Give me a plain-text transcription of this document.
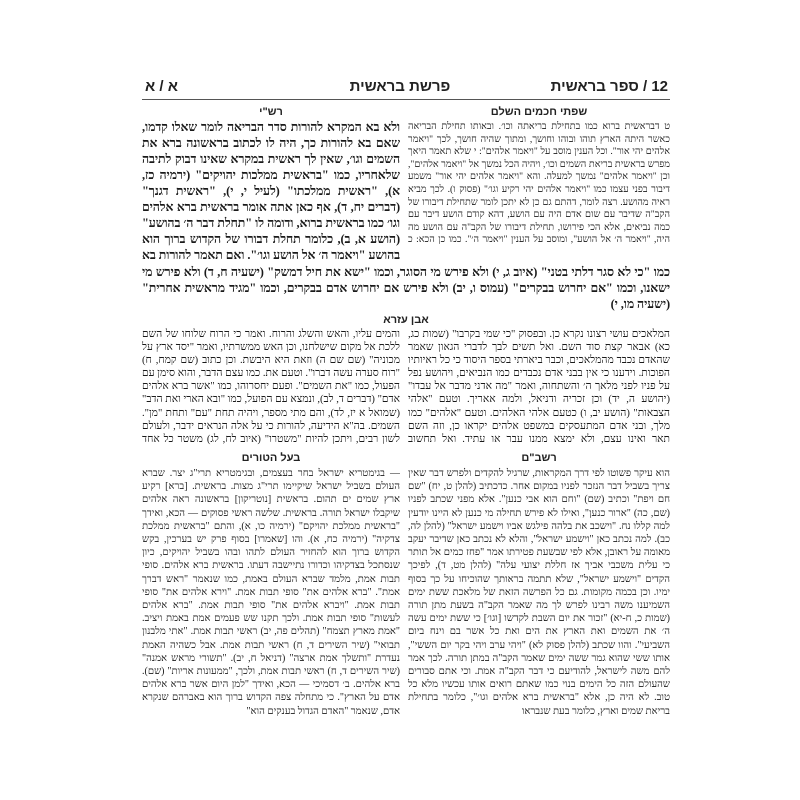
12 / ספר בראשית
פרשת בראשית
א / א
שפתי חכמים השלם
ט דבראשית ברוא כמו בתחילת בריאתה וכו׳. ובאותו תחילת הבריאה כאשר היתה הארץ תוהו ובוהו וחושך, ומתוך שהיה חושך, לכך "ויאמר אלהים יהי אור". וכל הענין מוסב על "ויאמר אלהים": י שלא תאמר היאך מפרש בראשית בריאת השמים וכו׳, ויהיה הכל נמשך אל "ויאמר אלהים", וכן "ויאמר אלהים" נמשך למעלה. והא "ויאמר אלהים יהי אור" משמע דיבור בפני עצמו כמו "ויאמר אלהים יהי רקיע וגו׳" (פסוק ו). לכך מביא ראיה מהושע. רצה לומר, דהתם גם כן לא יתכן לומר שתחילת דיבורו של הקב"ה שדיבר עם שום אדם היה עם הושע, דהא קודם הושע דיבר עם כמה נביאים, אלא הכי פירושו, תחילת דיבורו של הקב"ה עם הושע מה היה, "ויאמר ה׳ אל הושע", ומוסב על הענין "ויאמר ה׳". כמו כן הכא: כ
רש"י
ולא בא המקרא להורות סדר הבריאה לומר שאלו קדמו, שאם בא להורות כך, היה לו לכתוב בראשונה ברא את השמים וגו׳, שאין לך ראשית במקרא שאינו דבוק לתיבה שלאחריו, כמו "בראשית ממלכות יהויקים" (ירמיה כז, א), "ראשית ממלכתו" (לעיל י, י), "ראשית דגנך" (דברים יח, ד), אף כאן אתה אומר בראשית ברא אלהים וגו׳ כמו בראשית ברוא, ודומה לו "תחלת דבר ה׳ בהושע" (הושע א, ב), כלומר תחלת דבורו של הקדוש ברוך הוא בהושע "ויאמר ה׳ אל הושע וגו׳". ואם תאמר להורות בא
כמו "כי לא סגר דלתי בטני" (איוב ג, י) ולא פירש מי הסוגר, וכמו "ישא את חיל דמשק" (ישעיה ח, ד) ולא פירש מי ישאנו, וכמו "אם יחרוש בבקרים" (עמוס ו, יב) ולא פירש אם יחרוש אדם בבקרים, וכמו "מגיד מראשית אחרית" (ישעיה מו, י)
אבן עזרא
המלאכים עושי רצונו נקרא כן. ובפסוק "כי שמי בקרבו" (שמות כג, כא) אבאר קצת סוד השם. ואל תשים לבך לדברי הגאון שאמר שהאדם נכבד מהמלאכים, וכבר ביארתי בספר היסוד כי כל ראיותיו הפוכות. וידענו כי אין בבני אדם נכבדים כמו הנביאים, ויהושע נפל על פניו לפני מלאך ה׳ והשתחוה, ואמר "מה אדני מדבר אל עבדו" (יהושע ה, יד) וכן זכריה ודניאל, ולמה אאריך. וטעם "אלהי הצבאות" (הושע יב, ו) כטעם אלהי האלהים. וטעם "אלהים" כמו מלך, ובני אדם המתעסקים במשפט אלהים יקראו כן, וזה השם תאר ואינו עצם, ולא ימצא ממנו עבר או עתיד. ואל תחשוב
והמים עליו, והאש והשלג והרוח. ואמר כי הרוח שלוחו של השם ללכת אל מקום שישלחנו, וכן האש ממשרתיו, ואמר "יסד ארץ על מכוניה" (שם שם ה) וזאת היא היבשת. וכן כתוב (שם קמח, ח) "רוח סערה עשה דברו". וטעם את. כמו עצם הדבר, והוא סימן עם הפעול, כמו "את השמים". ופעם יחסרוהו, כמו "אשר ברא אלהים אדם" (דברים ד, לב), ונמצא עם הפועל, כמו "ובא הארי ואת הדב" (שמואל א יז, לד), והם מתי מספר, ויהיה תחת "עם" ותחת "מן". השמים. בה"א הידיעה, להורות כי על אלה הנראים ידבר, ולעולם לשון רבים, ויתכן להיות "משטרו" (איוב לח, לג) משטר כל אחד
רשב"ם
הוא עיקר פשוטו לפי דרך המקראות, שרגיל להקדים ולפרש דבר שאין צריך בשביל דבר הנזכר לפניו במקום אחר. כדכתיב (להלן ט, יח) "שם חם ויפת" וכתיב (שם) "וחם הוא אבי כנען". אלא מפני שכתב לפניו (שם, כה) "ארור כנען", ואילו לא פירש תחילה מי כנען לא היינו יודעין למה קללו נח. "וישכב את בלהה פילגש אביו וישמע ישראל" (להלן לה, כב). למה נכתב כאן "וישמע ישראל", והלא לא נכתב כאן שדיבר יעקב מאומה על ראובן, אלא לפי שבשעת פטירתו אמר "פחז כמים אל תותר כי עלית משכבי אביך אז חללת יצועי עלה" (להלן מט, ד), לפיכך הקדים "וישמע ישראל", שלא תתמה בראותך שהוכיחו על כך בסוף ימיו. וכן בכמה מקומות. גם כל הפרשה הזאת של מלאכת ששת ימים השמיענו משה רבינו לפרש לך מה שאמר הקב"ה בשעת מתן תורה (שמות כ, ח-יא) "זכור את יום השבת לקדשו [וגו׳] כי ששת ימים עשה ה׳ את השמים ואת הארץ את הים ואת כל אשר בם וינח ביום השביעי". והוו שכתב (להלן פסוק לא) "ויהי ערב ויהי בקר יום הששי", אותו ששי שהוא גמר ששה ימים שאמר הקב"ה במתן תורה. לכך אמר להם משה לישראל, להודיעם כי דבר הקב"ה אמת. וכי אתם סבורים שהעולם הזה כל הימים בנוי כמו שאתם רואים אותו עכשיו מלא כל טוב. לא היה כן, אלא "בראשית ברא אלהים וגו׳", כלומר בתחילת בריאת שמים וארץ, כלומר בעת שנבראו
בעל הטורים
— בגימטריא ישראל בחר בעצמים, ובגימטריא תרי"ג יצר. שברא העולם בשביל ישראל שיקיימו תרי"ג מצות. בראשית. [ברא] רקיע ארץ שמים ים תהום. בראשית [נוטריקון] בראשונה ראה אלהים שיקבלו ישראל תורה. בראשית. שלשה ראשי פסוקים — הכא, ואידך "בראשית ממלכת יהויקם" (ירמיה כו, א), והתם "בראשית ממלכת צדקיה" (ירמיה כח, א). והו [שאמרו] בסוף פרק יש בערכין, בקש הקדוש ברוך הוא להחזיר העולם לתהו ובהו בשביל יהויקים, כיון שנסתכל בצדקיהו וכדורו נתיישבה דעתו. בראשית ברא אלהים. סופי תבות אמת, מלמד שברא העולם באמת, כמו שנאמר "ראש דברך אמת". "ברא אלהים את" סופי תבות אמת. "וירא אלהים את" סופי תבות אמת. "ויברא אלהים את" סופי תבות אמת. "ברא אלהים לעשות" סופי תבות אמת. ולכך תקנו שש פעמים אמת באמת ויציב. "אמת מארץ תצמח" (תהלים פה, יב) ראשי תבות אמת. "אתי מלבנון תבואי" (שיר השירים ד, ח) ראשי תבות אמת. אבל כשהיה האמת נעדרת "ותשלך אמת ארצה" (דניאל ח, יב). "תשורי מראש אמנה" (שיר השירים ד, ח) ראשי תבות אמת, ולכך, "ממעונות אריות" (שם). ברא אלהים. ב׳ דסמיכי — הכא, ואידך "למן היום אשר ברא אלהים אדם על הארץ". כי מתחלה צפה הקדוש ברוך הוא באברהם שנקרא אדם, שנאמר "האדם הגדול בענקים הוא"
